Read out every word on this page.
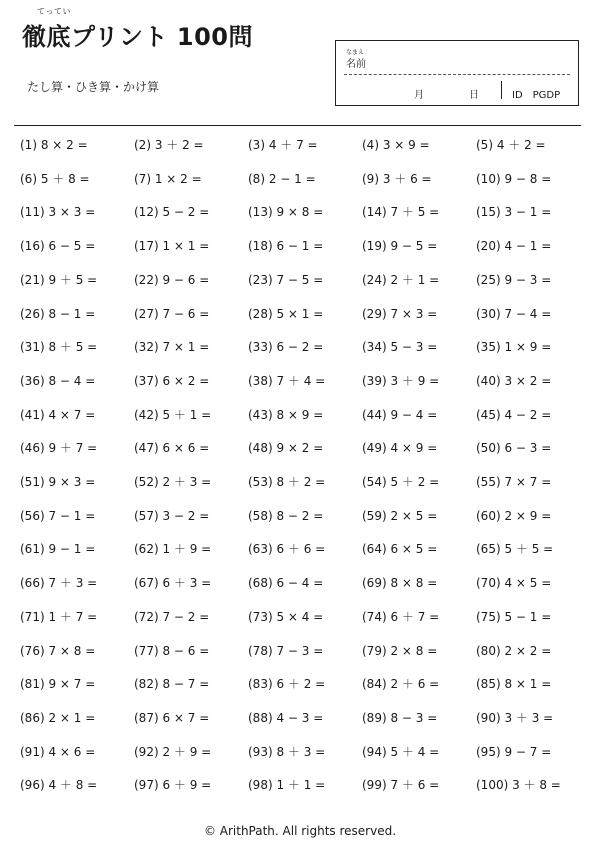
てってい
徹底プリント 100問
たし算・ひき算・かけ算
なまえ
名前
月	日	ID　PGDP
(1) 8 × 2 =	(2) 3 ＋ 2 =	(3) 4 ＋ 7 =	(4) 3 × 9 =	(5) 4 ＋ 2 =
(6) 5 ＋ 8 =	(7) 1 × 2 =	(8) 2 − 1 =	(9) 3 ＋ 6 =	(10) 9 − 8 =
(11) 3 × 3 =	(12) 5 − 2 =	(13) 9 × 8 =	(14) 7 ＋ 5 =	(15) 3 − 1 =
(16) 6 − 5 =	(17) 1 × 1 =	(18) 6 − 1 =	(19) 9 − 5 =	(20) 4 − 1 =
(21) 9 ＋ 5 =	(22) 9 − 6 =	(23) 7 − 5 =	(24) 2 ＋ 1 =	(25) 9 − 3 =
(26) 8 − 1 =	(27) 7 − 6 =	(28) 5 × 1 =	(29) 7 × 3 =	(30) 7 − 4 =
(31) 8 ＋ 5 =	(32) 7 × 1 =	(33) 6 − 2 =	(34) 5 − 3 =	(35) 1 × 9 =
(36) 8 − 4 =	(37) 6 × 2 =	(38) 7 ＋ 4 =	(39) 3 ＋ 9 =	(40) 3 × 2 =
(41) 4 × 7 =	(42) 5 ＋ 1 =	(43) 8 × 9 =	(44) 9 − 4 =	(45) 4 − 2 =
(46) 9 ＋ 7 =	(47) 6 × 6 =	(48) 9 × 2 =	(49) 4 × 9 =	(50) 6 − 3 =
(51) 9 × 3 =	(52) 2 ＋ 3 =	(53) 8 ＋ 2 =	(54) 5 ＋ 2 =	(55) 7 × 7 =
(56) 7 − 1 =	(57) 3 − 2 =	(58) 8 − 2 =	(59) 2 × 5 =	(60) 2 × 9 =
(61) 9 − 1 =	(62) 1 ＋ 9 =	(63) 6 ＋ 6 =	(64) 6 × 5 =	(65) 5 ＋ 5 =
(66) 7 ＋ 3 =	(67) 6 ＋ 3 =	(68) 6 − 4 =	(69) 8 × 8 =	(70) 4 × 5 =
(71) 1 ＋ 7 =	(72) 7 − 2 =	(73) 5 × 4 =	(74) 6 ＋ 7 =	(75) 5 − 1 =
(76) 7 × 8 =	(77) 8 − 6 =	(78) 7 − 3 =	(79) 2 × 8 =	(80) 2 × 2 =
(81) 9 × 7 =	(82) 8 − 7 =	(83) 6 ＋ 2 =	(84) 2 ＋ 6 =	(85) 8 × 1 =
(86) 2 × 1 =	(87) 6 × 7 =	(88) 4 − 3 =	(89) 8 − 3 =	(90) 3 ＋ 3 =
(91) 4 × 6 =	(92) 2 ＋ 9 =	(93) 8 ＋ 3 =	(94) 5 ＋ 4 =	(95) 9 − 7 =
(96) 4 ＋ 8 =	(97) 6 ＋ 9 =	(98) 1 ＋ 1 =	(99) 7 ＋ 6 =	(100) 3 ＋ 8 =
© ArithPath. All rights reserved.
